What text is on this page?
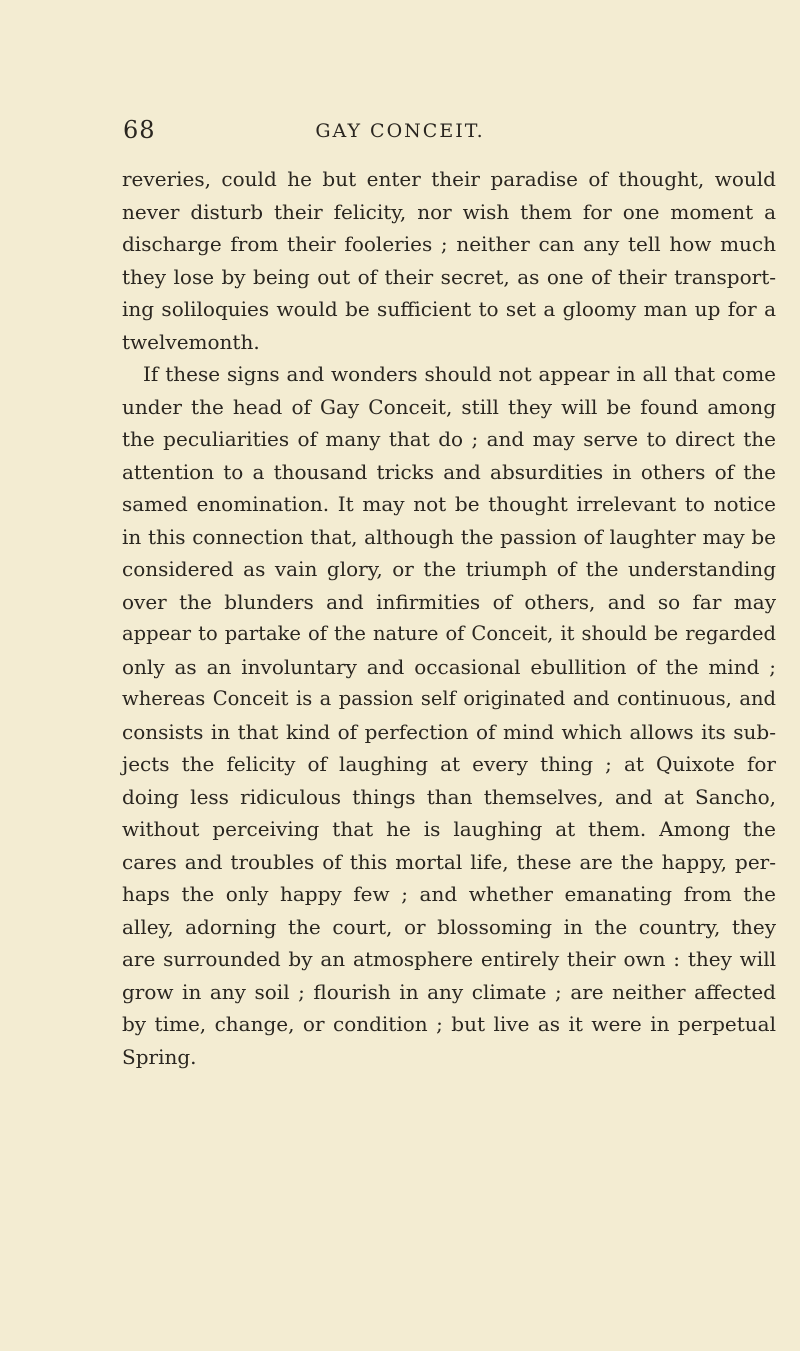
68	GAY CONCEIT.
reveries, could he but enter their paradise of thought, would
never disturb their felicity, nor wish them for one moment a
discharge from their fooleries ; neither can any tell how much
they lose by being out of their secret, as one of their transport-
ing soliloquies would be sufficient to set a gloomy man up for a
twelvemonth.
If these signs and wonders should not appear in all that come
under the head of Gay Conceit, still they will be found among
the peculiarities of many that do ; and may serve to direct the
attention to a thousand tricks and absurdities in others of the
samed enomination. It may not be thought irrelevant to notice
in this connection that, although the passion of laughter may be
considered as vain glory, or the triumph of the understanding
over the blunders and infirmities of others, and so far may
appear to partake of the nature of Conceit, it should be regarded
only as an involuntary and occasional ebullition of the mind ;
whereas Conceit is a passion self originated and continuous, and
consists in that kind of perfection of mind which allows its sub-
jects the felicity of laughing at every thing ; at Quixote for
doing less ridiculous things than themselves, and at Sancho,
without perceiving that he is laughing at them. Among the
cares and troubles of this mortal life, these are the happy, per-
haps the only happy few ; and whether emanating from the
alley, adorning the court, or blossoming in the country, they
are surrounded by an atmosphere entirely their own : they will
grow in any soil ; flourish in any climate ; are neither affected
by time, change, or condition ; but live as it were in perpetual
Spring.
